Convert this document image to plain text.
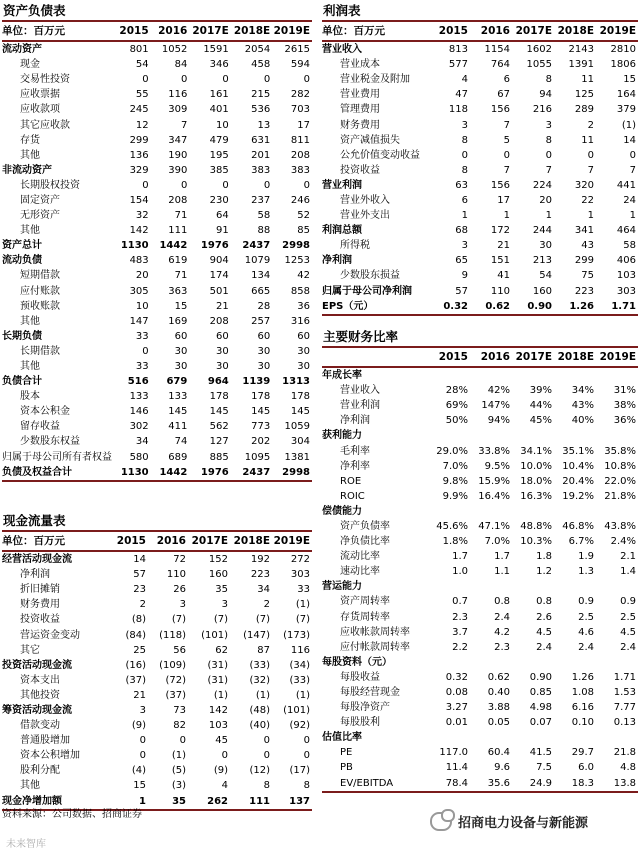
资产负债表
单位：百万元	2015	2016	2017E	2018E	2019E
流动资产	801	1052	1591	2054	2615
现金	54	84	346	458	594
交易性投资	0	0	0	0	0
应收票据	55	116	161	215	282
应收款项	245	309	401	536	703
其它应收款	12	7	10	13	17
存货	299	347	479	631	811
其他	136	190	195	201	208
非流动资产	329	390	385	383	383
长期股权投资	0	0	0	0	0
固定资产	154	208	230	237	246
无形资产	32	71	64	58	52
其他	142	111	91	88	85
资产总计	1130	1442	1976	2437	2998
流动负债	483	619	904	1079	1253
短期借款	20	71	174	134	42
应付账款	305	363	501	665	858
预收账款	10	15	21	28	36
其他	147	169	208	257	316
长期负债	33	60	60	60	60
长期借款	0	30	30	30	30
其他	33	30	30	30	30
负债合计	516	679	964	1139	1313
股本	133	133	178	178	178
资本公积金	146	145	145	145	145
留存收益	302	411	562	773	1059
少数股东权益	34	74	127	202	304
归属于母公司所有者权益	580	689	885	1095	1381
负债及权益合计	1130	1442	1976	2437	2998
现金流量表
单位：百万元	2015	2016	2017E	2018E	2019E
经营活动现金流	14	72	152	192	272
净利润	57	110	160	223	303
折旧摊销	23	26	35	34	33
财务费用	2	3	3	2	(1)
投资收益	(8)	(7)	(7)	(7)	(7)
营运资金变动	(84)	(118)	(101)	(147)	(173)
其它	25	56	62	87	116
投资活动现金流	(16)	(109)	(31)	(33)	(34)
资本支出	(37)	(72)	(31)	(32)	(33)
其他投资	21	(37)	(1)	(1)	(1)
筹资活动现金流	3	73	142	(48)	(101)
借款变动	(9)	82	103	(40)	(92)
普通股增加	0	0	45	0	0
资本公积增加	0	(1)	0	0	0
股利分配	(4)	(5)	(9)	(12)	(17)
其他	15	(3)	4	8	8
现金净增加额	1	35	262	111	137
利润表
单位：百万元	2015	2016	2017E	2018E	2019E
营业收入	813	1154	1602	2143	2810
营业成本	577	764	1055	1391	1806
营业税金及附加	4	6	8	11	15
营业费用	47	67	94	125	164
管理费用	118	156	216	289	379
财务费用	3	7	3	2	(1)
资产减值损失	8	5	8	11	14
公允价值变动收益	0	0	0	0	0
投资收益	8	7	7	7	7
营业利润	63	156	224	320	441
营业外收入	6	17	20	22	24
营业外支出	1	1	1	1	1
利润总额	68	172	244	341	464
所得税	3	21	30	43	58
净利润	65	151	213	299	406
少数股东损益	9	41	54	75	103
归属于母公司净利润	57	110	160	223	303
EPS（元）	0.32	0.62	0.90	1.26	1.71
主要财务比率
	2015	2016	2017E	2018E	2019E
年成长率					
营业收入	28%	42%	39%	34%	31%
营业利润	69%	147%	44%	43%	38%
净利润	50%	94%	45%	40%	36%
获利能力					
毛利率	29.0%	33.8%	34.1%	35.1%	35.8%
净利率	7.0%	9.5%	10.0%	10.4%	10.8%
ROE	9.8%	15.9%	18.0%	20.4%	22.0%
ROIC	9.9%	16.4%	16.3%	19.2%	21.8%
偿债能力					
资产负债率	45.6%	47.1%	48.8%	46.8%	43.8%
净负债比率	1.8%	7.0%	10.3%	6.7%	2.4%
流动比率	1.7	1.7	1.8	1.9	2.1
速动比率	1.0	1.1	1.2	1.3	1.4
营运能力					
资产周转率	0.7	0.8	0.8	0.9	0.9
存货周转率	2.3	2.4	2.6	2.5	2.5
应收帐款周转率	3.7	4.2	4.5	4.6	4.5
应付帐款周转率	2.2	2.3	2.4	2.4	2.4
每股资料（元）					
每股收益	0.32	0.62	0.90	1.26	1.71
每股经营现金	0.08	0.40	0.85	1.08	1.53
每股净资产	3.27	3.88	4.98	6.16	7.77
每股股利	0.01	0.05	0.07	0.10	0.13
估值比率					
PE	117.0	60.4	41.5	29.7	21.8
PB	11.4	9.6	7.5	6.0	4.8
EV/EBITDA	78.4	35.6	24.9	18.3	13.8
资料来源：公司数据、招商证券
未来智库
招商电力设备与新能源
